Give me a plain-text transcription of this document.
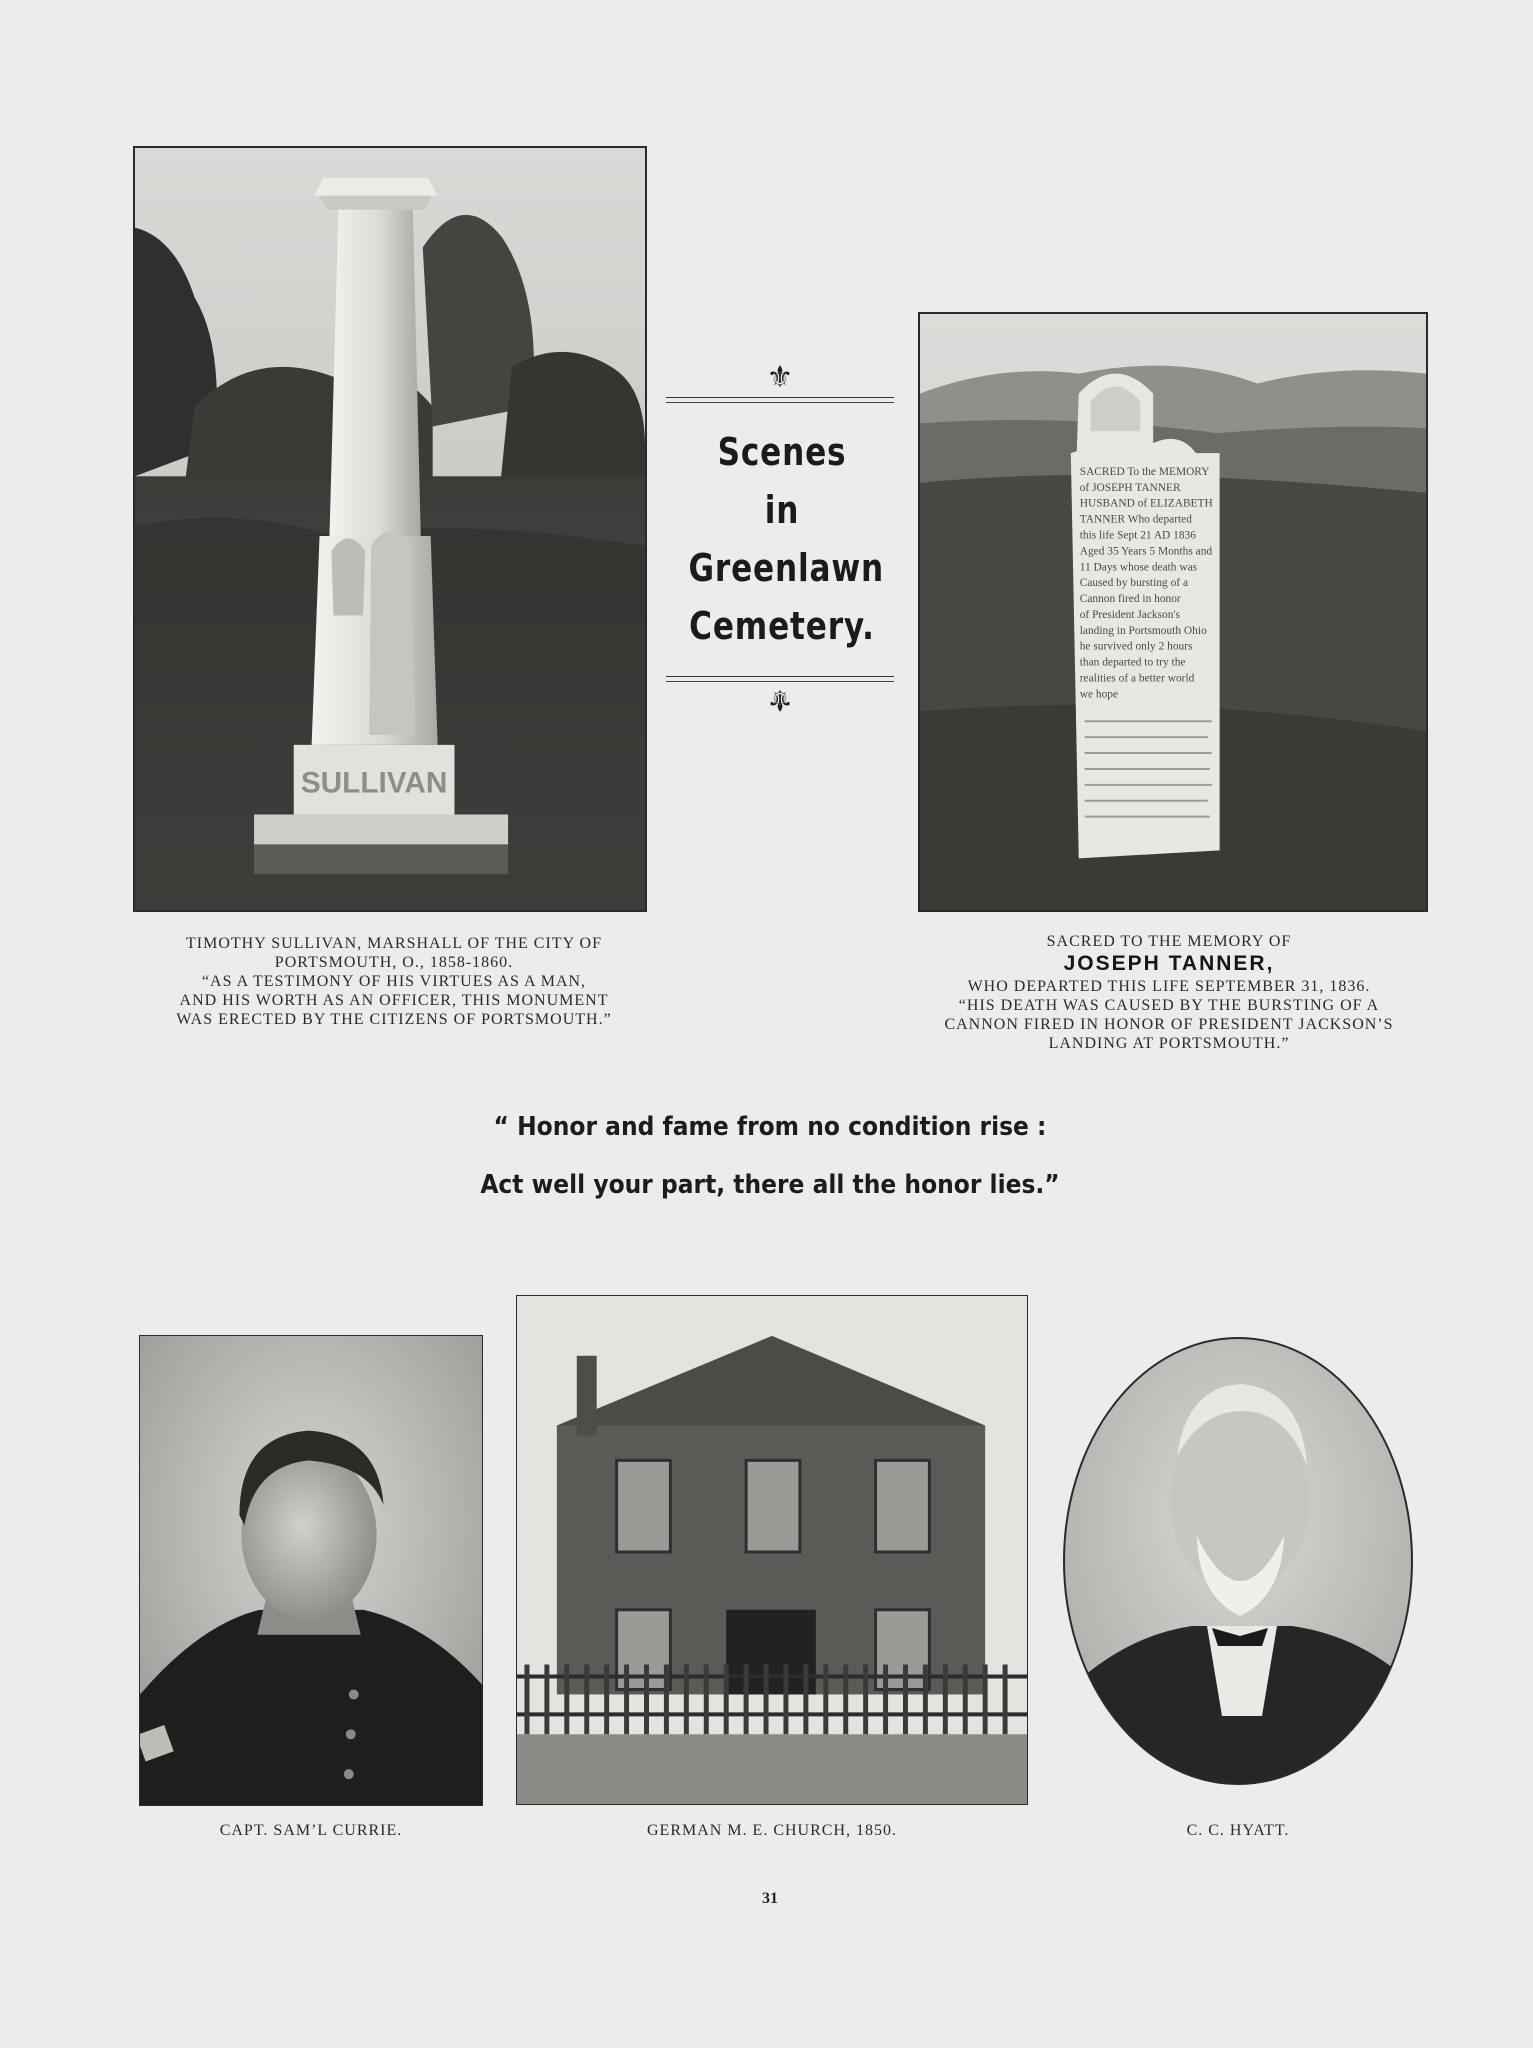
SULLIVAN
⚜
Scenes
in
Greenlawn
Cemetery.
⚜
SACRED To the MEMORY of JOSEPH TANNER HUSBAND of ELIZABETH TANNER Who departed this life Sept 21 AD 1836 Aged 35 Years 5 Months and 11 Days whose death was Caused by bursting of a Cannon fired in honor of President Jackson's landing in Portsmouth Ohio he survived only 2 hours than departed to try the realities of a better world we hope

TIMOTHY SULLIVAN, MARSHALL OF THE CITY OF

PORTSMOUTH, O., 1858-1860.

“AS A TESTIMONY OF HIS VIRTUES AS A MAN,

AND HIS WORTH AS AN OFFICER, THIS MONUMENT

WAS ERECTED BY THE CITIZENS OF PORTSMOUTH.”

SACRED TO THE MEMORY OF

JOSEPH TANNER,

WHO DEPARTED THIS LIFE SEPTEMBER 31, 1836.

“HIS DEATH WAS CAUSED BY THE BURSTING OF A

CANNON FIRED IN HONOR OF PRESIDENT JACKSON’S

LANDING AT PORTSMOUTH.”

“ Honor and fame from no condition rise :
Act well your part, there all the honor lies.”
CAPT. SAM’L CURRIE.	GERMAN M. E. CHURCH, 1850.	C. C. HYATT.
31
